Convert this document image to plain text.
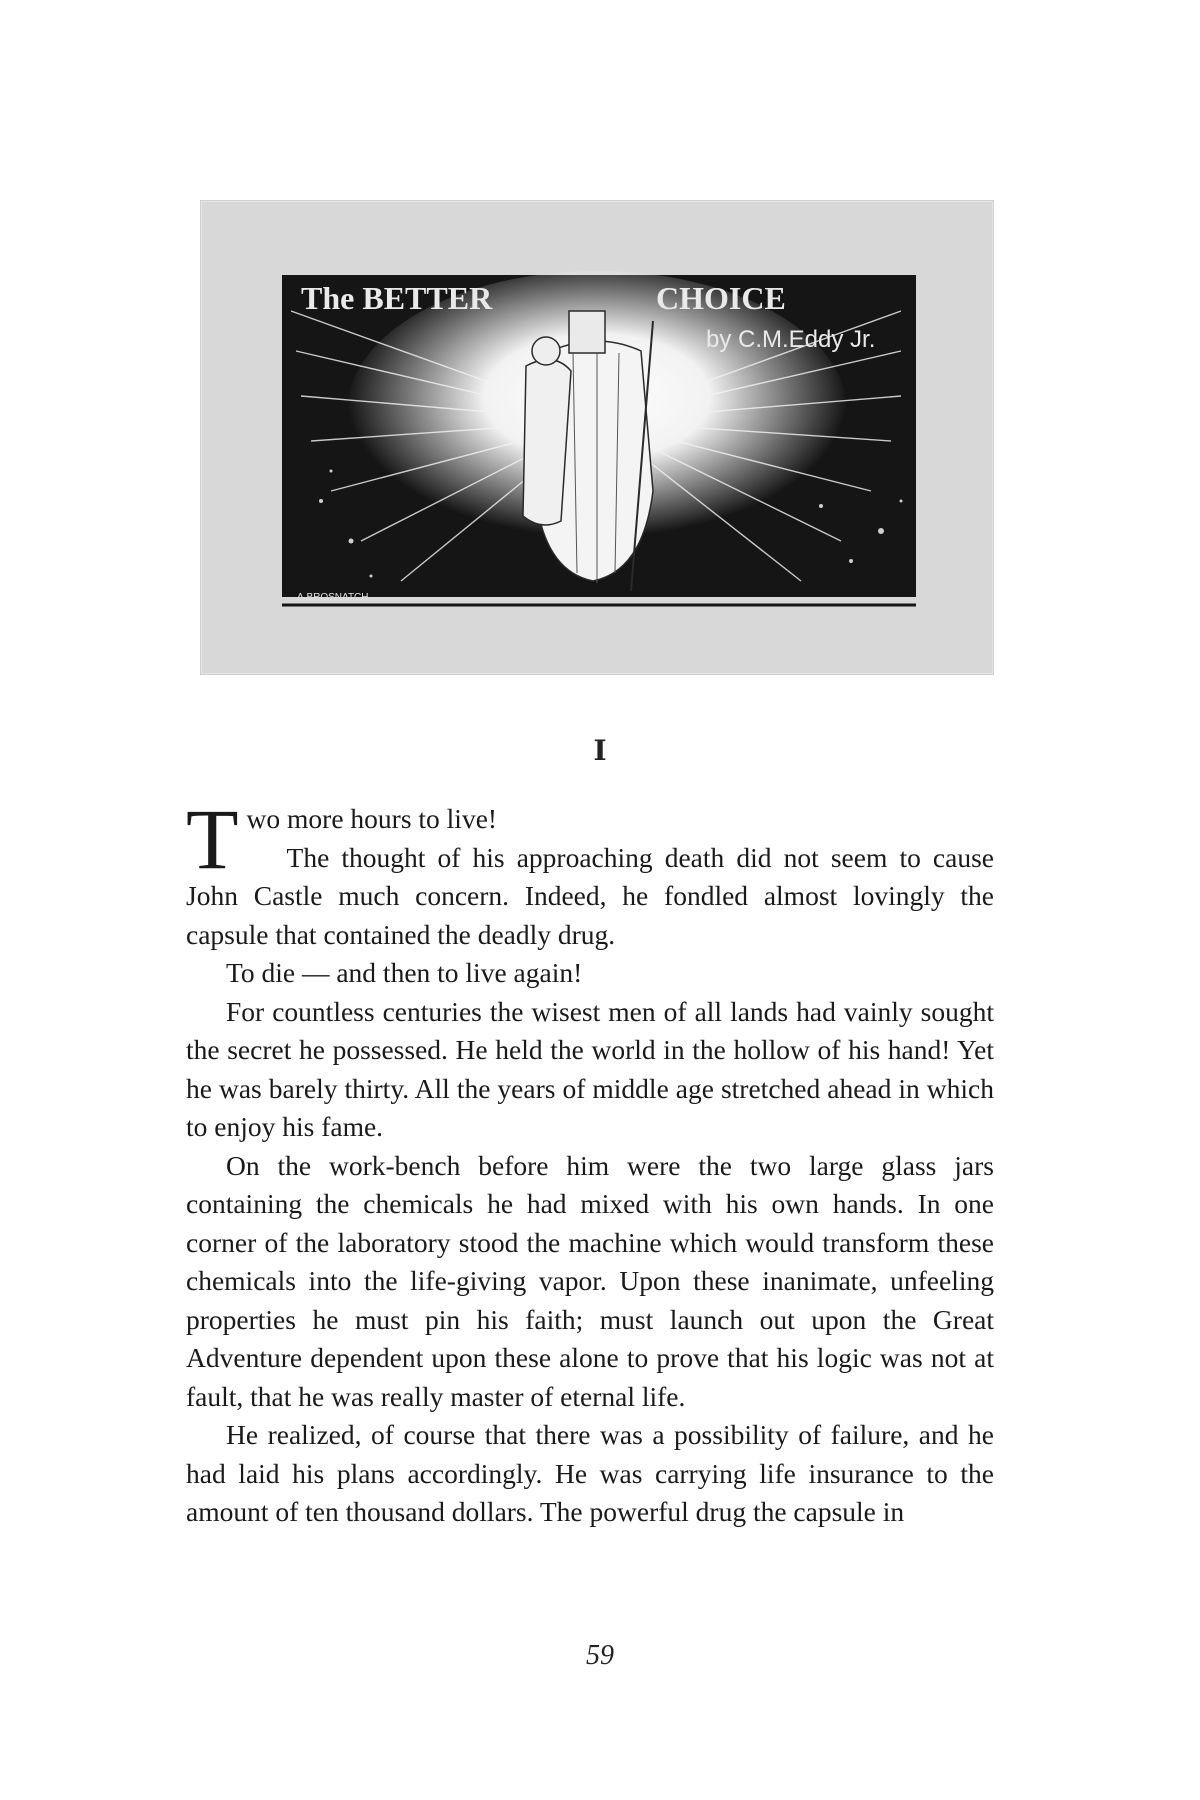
The BETTER	CHOICE
by C.M.Eddy Jr.
A.BROSNATCH
I

Two more hours to live!

The thought of his approaching death did not seem to cause John Castle much concern. Indeed, he fondled almost lovingly the capsule that contained the deadly drug.

To die — and then to live again!

For countless centuries the wisest men of all lands had vainly sought the secret he possessed. He held the world in the hollow of his hand! Yet he was barely thirty. All the years of middle age stretched ahead in which to enjoy his fame.

On the work-bench before him were the two large glass jars containing the chemicals he had mixed with his own hands. In one corner of the laboratory stood the machine which would transform these chemicals into the life-giving vapor. Upon these inanimate, unfeeling properties he must pin his faith; must launch out upon the Great Adventure dependent upon these alone to prove that his logic was not at fault, that he was really master of eternal life.

He realized, of course that there was a possibility of failure, and he had laid his plans accordingly. He was carrying life insurance to the amount of ten thousand dollars. The powerful drug the capsule in

59
